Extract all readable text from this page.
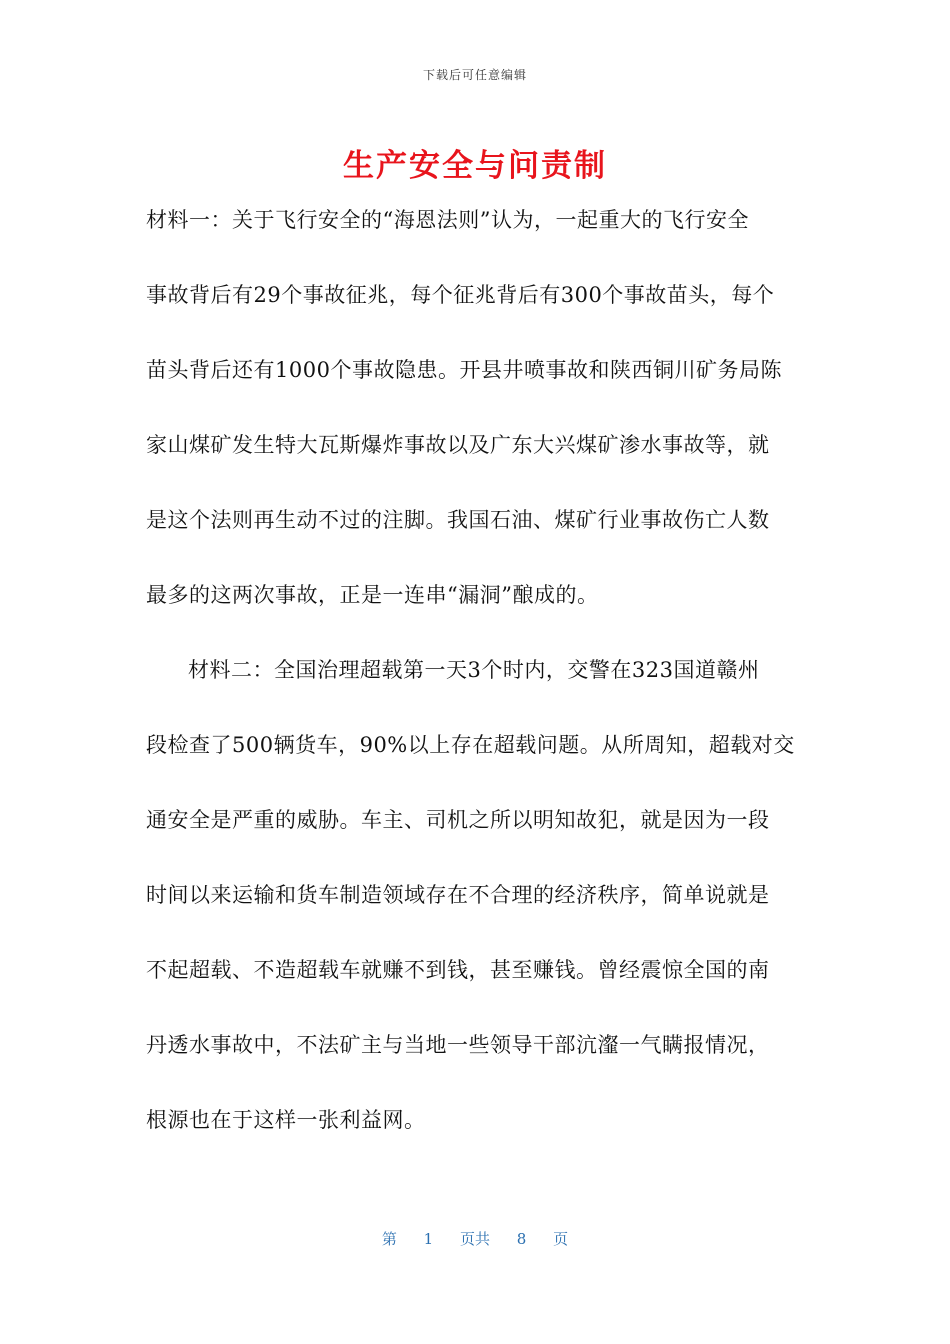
下载后可任意编辑
生产安全与问责制
材料一：关于飞行安全的“海恩法则”认为，一起重大的飞行安全
事故背后有29个事故征兆，每个征兆背后有300个事故苗头，每个
苗头背后还有1000个事故隐患。开县井喷事故和陕西铜川矿务局陈
家山煤矿发生特大瓦斯爆炸事故以及广东大兴煤矿渗水事故等，就
是这个法则再生动不过的注脚。我国石油、煤矿行业事故伤亡人数
最多的这两次事故，正是一连串“漏洞”酿成的。
材料二：全国治理超载第一天3个时内，交警在323国道赣州
段检查了500辆货车，90%以上存在超载问题。从所周知，超载对交
通安全是严重的威胁。车主、司机之所以明知故犯，就是因为一段
时间以来运输和货车制造领域存在不合理的经济秩序，简单说就是
不起超载、不造超载车就赚不到钱，甚至赚钱。曾经震惊全国的南
丹透水事故中，不法矿主与当地一些领导干部沆瀣一气瞒报情况，
根源也在于这样一张利益网。
第 1 页共 8 页
